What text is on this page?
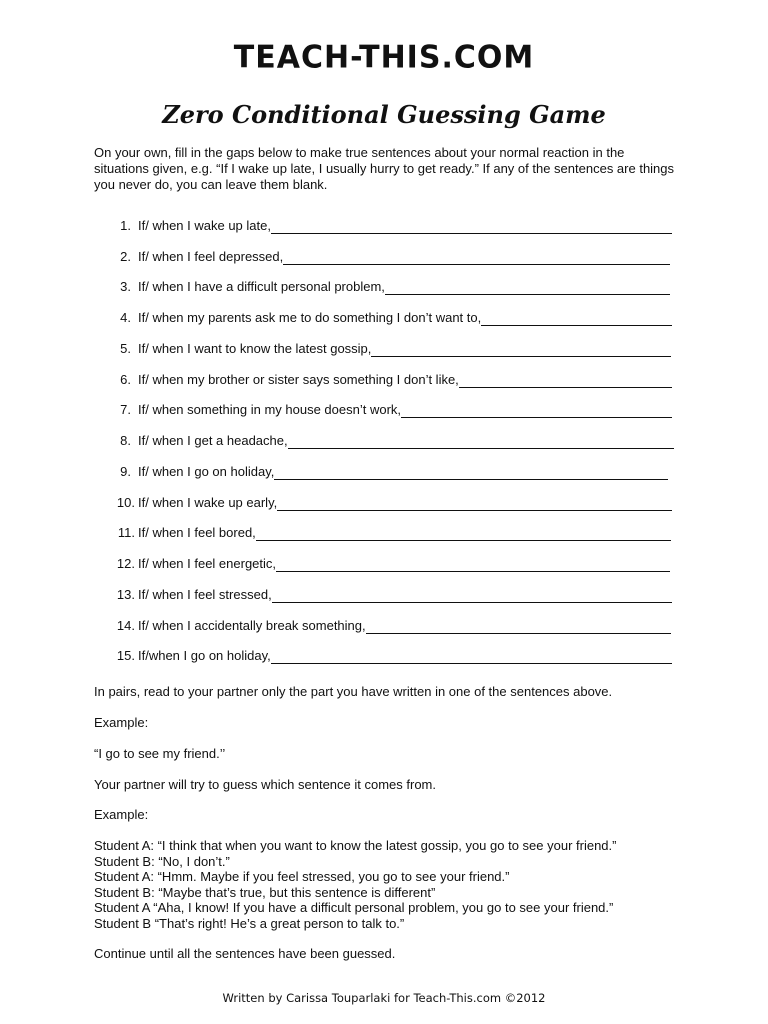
TEACH-THIS.COM
Zero Conditional Guessing Game
On your own, fill in the gaps below to make true sentences about your normal reaction in the situations given, e.g. “If I wake up late, I usually hurry to get ready.” If any of the sentences are things you never do, you can leave them blank.
1. If/ when I wake up late,
2. If/ when I feel depressed,
3. If/ when I have a difficult personal problem,
4. If/ when my parents ask me to do something I don’t want to,
5. If/ when I want to know the latest gossip,
6. If/ when my brother or sister says something I don’t like,
7. If/ when something in my house doesn’t work,
8. If/ when I get a headache,
9. If/ when I go on holiday,
10. If/ when I wake up early,
11. If/ when I feel bored,
12. If/ when I feel energetic,
13. If/ when I feel stressed,
14. If/ when I accidentally break something,
15. If/when I go on holiday,
In pairs, read to your partner only the part you have written in one of the sentences above.
Example:
“I go to see my friend.’’
Your partner will try to guess which sentence it comes from.
Example:
Student A: “I think that when you want to know the latest gossip, you go to see your friend.”
Student B: “No, I don’t.”
Student A: “Hmm. Maybe if you feel stressed, you go to see your friend.”
Student B: “Maybe that’s true, but this sentence is different”
Student A “Aha, I know! If you have a difficult personal problem, you go to see your friend.”
Student B “That’s right! He’s a great person to talk to.”
Continue until all the sentences have been guessed.
Written by Carissa Touparlaki for Teach-This.com ©2012
